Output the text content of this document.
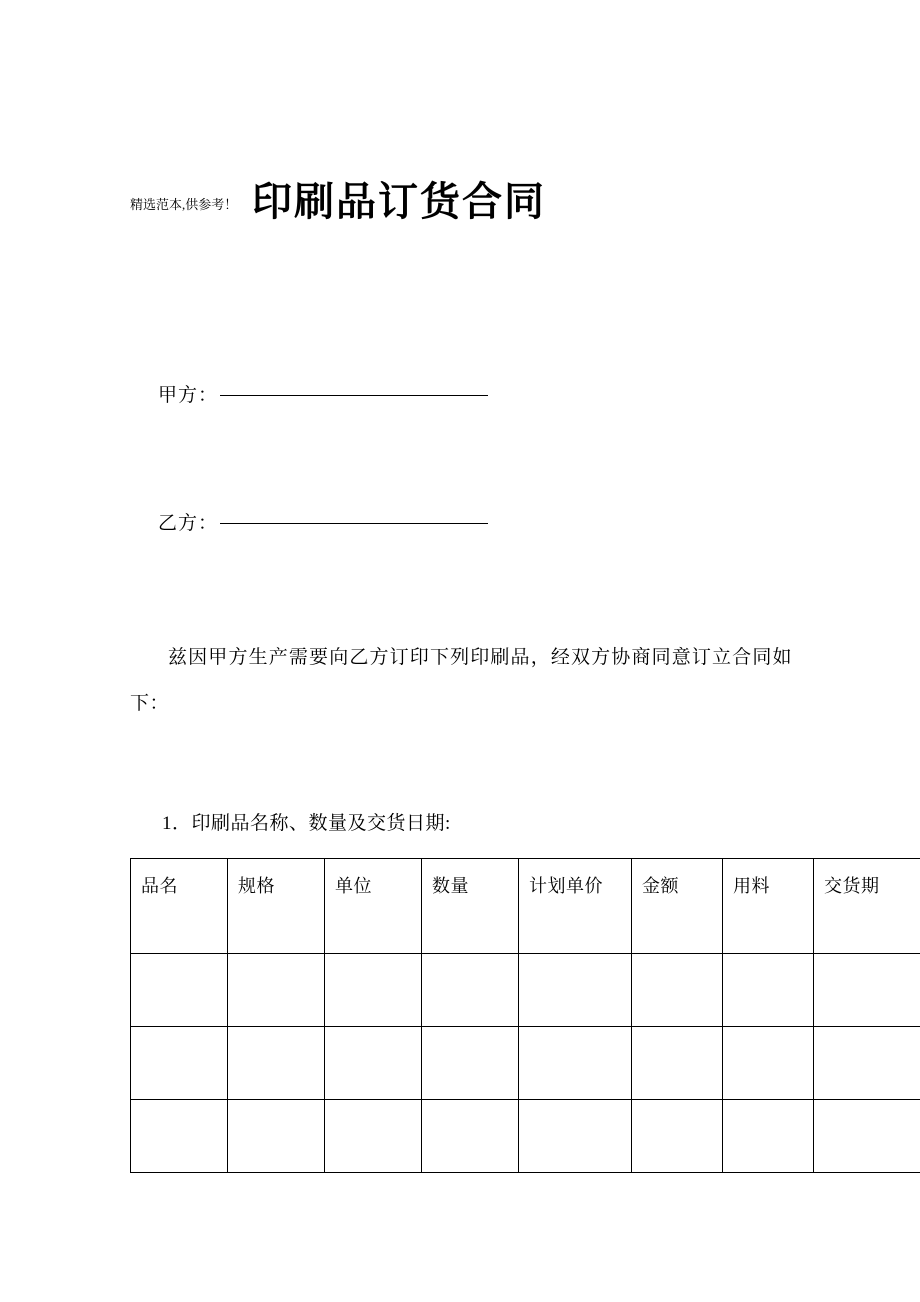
精选范本,供参考！ 印刷品订货合同
甲方：
乙方：
兹因甲方生产需要向乙方订印下列印刷品，经双方协商同意订立合同如下：
1．印刷品名称、数量及交货日期:
品名	规格	单位	数量	计划单价	金额	用料	交货期
